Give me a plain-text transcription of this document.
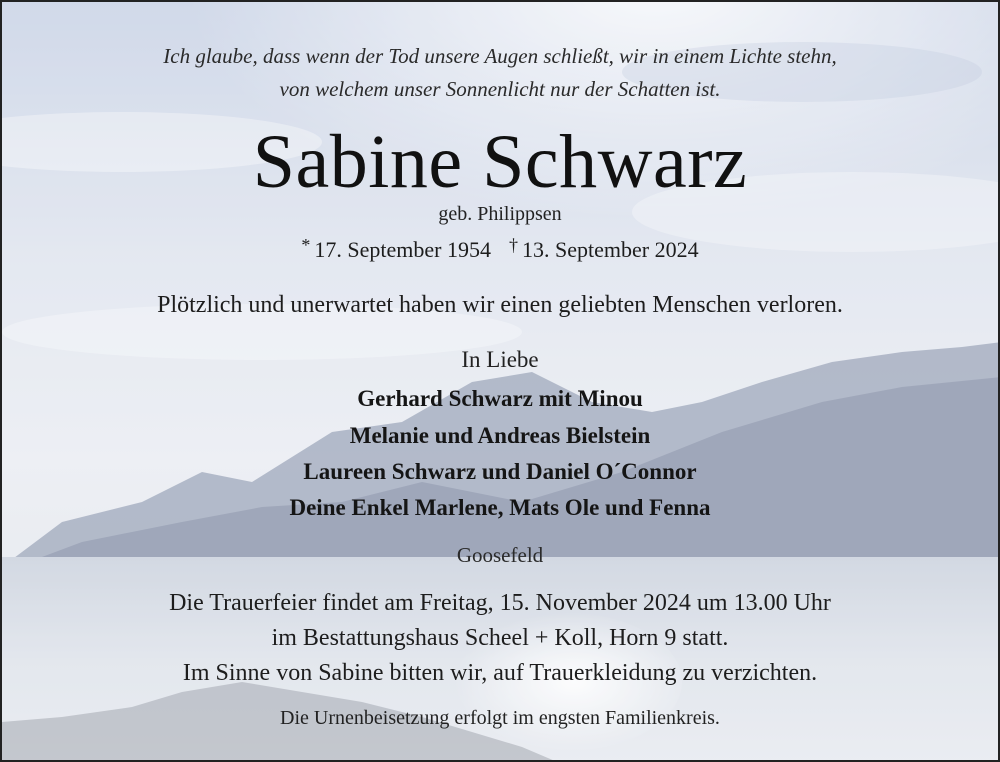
Ich glaube, dass wenn der Tod unsere Augen schließt, wir in einem Lichte stehn,
von welchem unser Sonnenlicht nur der Schatten ist.
Sabine Schwarz
geb. Philippsen
* 17. September 1954 † 13. September 2024
Plötzlich und unerwartet haben wir einen geliebten Menschen verloren.
In Liebe
Gerhard Schwarz mit Minou
Melanie und Andreas Bielstein
Laureen Schwarz und Daniel O´Connor
Deine Enkel Marlene, Mats Ole und Fenna
Goosefeld
Die Trauerfeier findet am Freitag, 15. November 2024 um 13.00 Uhr
im Bestattungshaus Scheel + Koll, Horn 9 statt.
Im Sinne von Sabine bitten wir, auf Trauerkleidung zu verzichten.
Die Urnenbeisetzung erfolgt im engsten Familienkreis.
